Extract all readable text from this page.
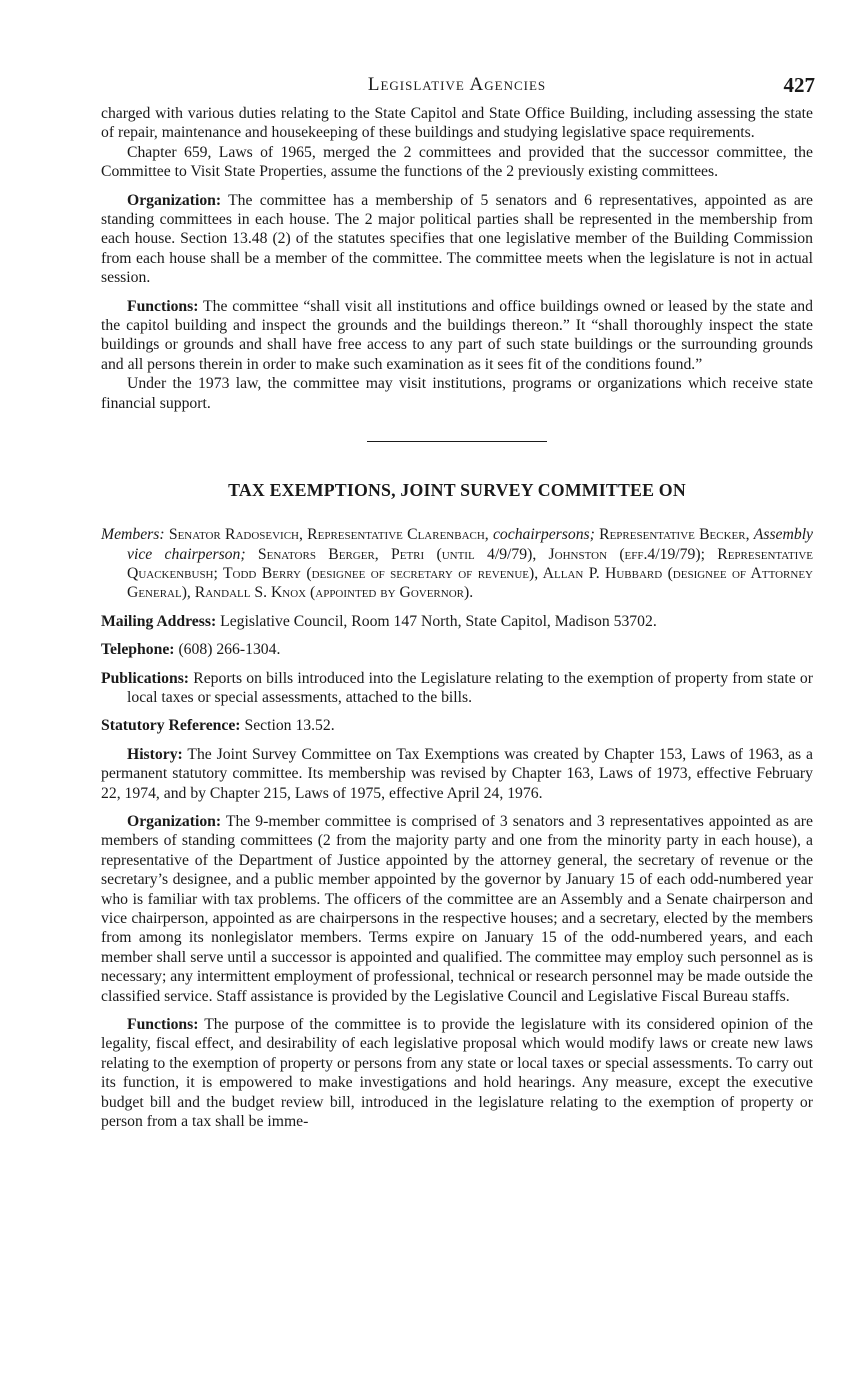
Legislative Agencies	427

charged with various duties relating to the State Capitol and State Office Building, including assessing the state of repair, maintenance and housekeeping of these buildings and studying legislative space requirements.

Chapter 659, Laws of 1965, merged the 2 committees and provided that the successor committee, the Committee to Visit State Properties, assume the functions of the 2 previously existing committees.

Organization: The committee has a membership of 5 senators and 6 representatives, appointed as are standing committees in each house. The 2 major political parties shall be represented in the membership from each house. Section 13.48 (2) of the statutes specifies that one legislative member of the Building Commission from each house shall be a member of the committee. The committee meets when the legislature is not in actual session.

Functions: The committee “shall visit all institutions and office buildings owned or leased by the state and the capitol building and inspect the grounds and the buildings thereon.” It “shall thoroughly inspect the state buildings or grounds and shall have free access to any part of such state buildings or the surrounding grounds and all persons therein in order to make such examination as it sees fit of the conditions found.”

Under the 1973 law, the committee may visit institutions, programs or organizations which receive state financial support.

TAX EXEMPTIONS, JOINT SURVEY COMMITTEE ON

Members: Senator Radosevich, Representative Clarenbach, cochairpersons; Representative Becker, Assembly vice chairperson; Senators Berger, Petri (until 4/9/79), Johnston (eff.4/19/79); Representative Quackenbush; Todd Berry (designee of secretary of revenue), Allan P. Hubbard (designee of Attorney General), Randall S. Knox (appointed by Governor).

Mailing Address: Legislative Council, Room 147 North, State Capitol, Madison 53702.

Telephone: (608) 266-1304.

Publications: Reports on bills introduced into the Legislature relating to the exemption of property from state or local taxes or special assessments, attached to the bills.

Statutory Reference: Section 13.52.

History: The Joint Survey Committee on Tax Exemptions was created by Chapter 153, Laws of 1963, as a permanent statutory committee. Its membership was revised by Chapter 163, Laws of 1973, effective February 22, 1974, and by Chapter 215, Laws of 1975, effective April 24, 1976.

Organization: The 9-member committee is comprised of 3 senators and 3 representatives appointed as are members of standing committees (2 from the majority party and one from the minority party in each house), a representative of the Department of Justice appointed by the attorney general, the secretary of revenue or the secretary’s designee, and a public member appointed by the governor by January 15 of each odd-numbered year who is familiar with tax problems. The officers of the committee are an Assembly and a Senate chairperson and vice chairperson, appointed as are chairpersons in the respective houses; and a secretary, elected by the members from among its nonlegislator members. Terms expire on January 15 of the odd-numbered years, and each member shall serve until a successor is appointed and qualified. The committee may employ such personnel as is necessary; any intermittent employment of professional, technical or research personnel may be made outside the classified service. Staff assistance is provided by the Legislative Council and Legislative Fiscal Bureau staffs.

Functions: The purpose of the committee is to provide the legislature with its considered opinion of the legality, fiscal effect, and desirability of each legislative proposal which would modify laws or create new laws relating to the exemption of property or persons from any state or local taxes or special assessments. To carry out its function, it is empowered to make investigations and hold hearings. Any measure, except the executive budget bill and the budget review bill, introduced in the legislature relating to the exemption of property or person from a tax shall be imme-
